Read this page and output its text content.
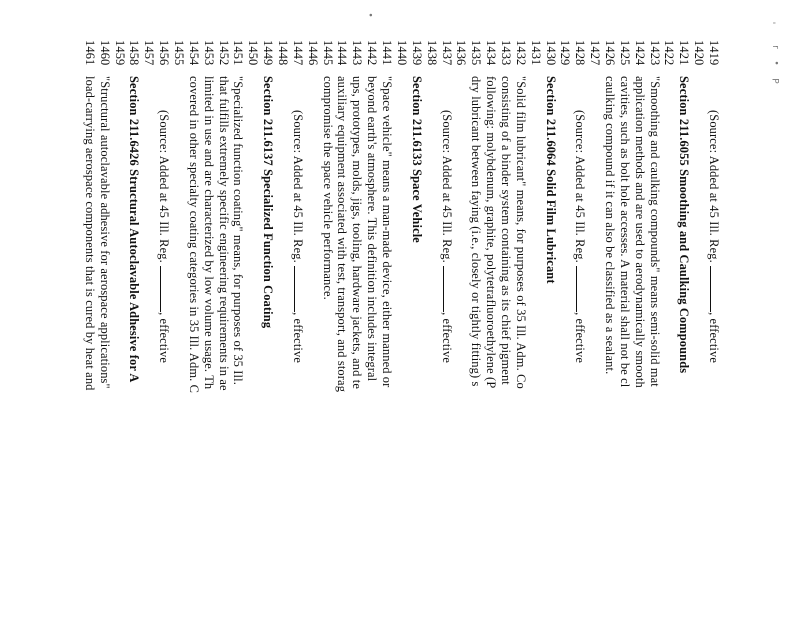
•
'
r
•
P
1419
(Source: Added at 45 Ill. Reg. , effective
1420
1421
Section 211.6055 Smoothing and Caulking Compounds
1422
1423
"Smoothing and caulking compounds" means semi-solid mat
1424
application methods and are used to aerodynamically smooth
1425
cavities, such as bolt hole accesses. A material shall not be cl
1426
caulking compound if it can also be classified as a sealant.
1427
1428
(Source: Added at 45 Ill. Reg. , effective
1429
1430
Section 211.6064 Solid Film Lubricant
1431
1432
"Solid film lubricant" means, for purposes of 35 Ill. Adm. Co
1433
consisting of a binder system containing as its chief pigment
1434
following: molybdenum, graphite, polytetrafluoroethylene (P
1435
dry lubricant between faying (i.e., closely or tightly fitting) s
1436
1437
(Source: Added at 45 Ill. Reg. , effective
1438
1439
Section 211.6133 Space Vehicle
1440
1441
"Space vehicle" means a man-made device, either manned or
1442
beyond earth's atmosphere. This definition includes integral
1443
ups, prototypes, molds, jigs, tooling, hardware jackets, and te
1444
auxiliary equipment associated with test, transport, and storag
1445
compromise the space vehicle performance.
1446
1447
(Source: Added at 45 Ill. Reg. , effective
1448
1449
Section 211.6137 Specialized Function Coating
1450
1451
"Specialized function coating" means, for purposes of 35 Ill.
1452
that fulfills extremely specific engineering requirements in ae
1453
limited in use and are characterized by low volume usage. Th
1454
covered in other specialty coating categories in 35 Ill. Adm. C
1455
1456
(Source: Added at 45 Ill. Reg. , effective
1457
1458
Section 211.6426 Structural Autoclavable Adhesive for A
1459
1460
"Structural autoclavable adhesive for aerospace applications"
1461
load-carrying aerospace components that is cured by heat and
